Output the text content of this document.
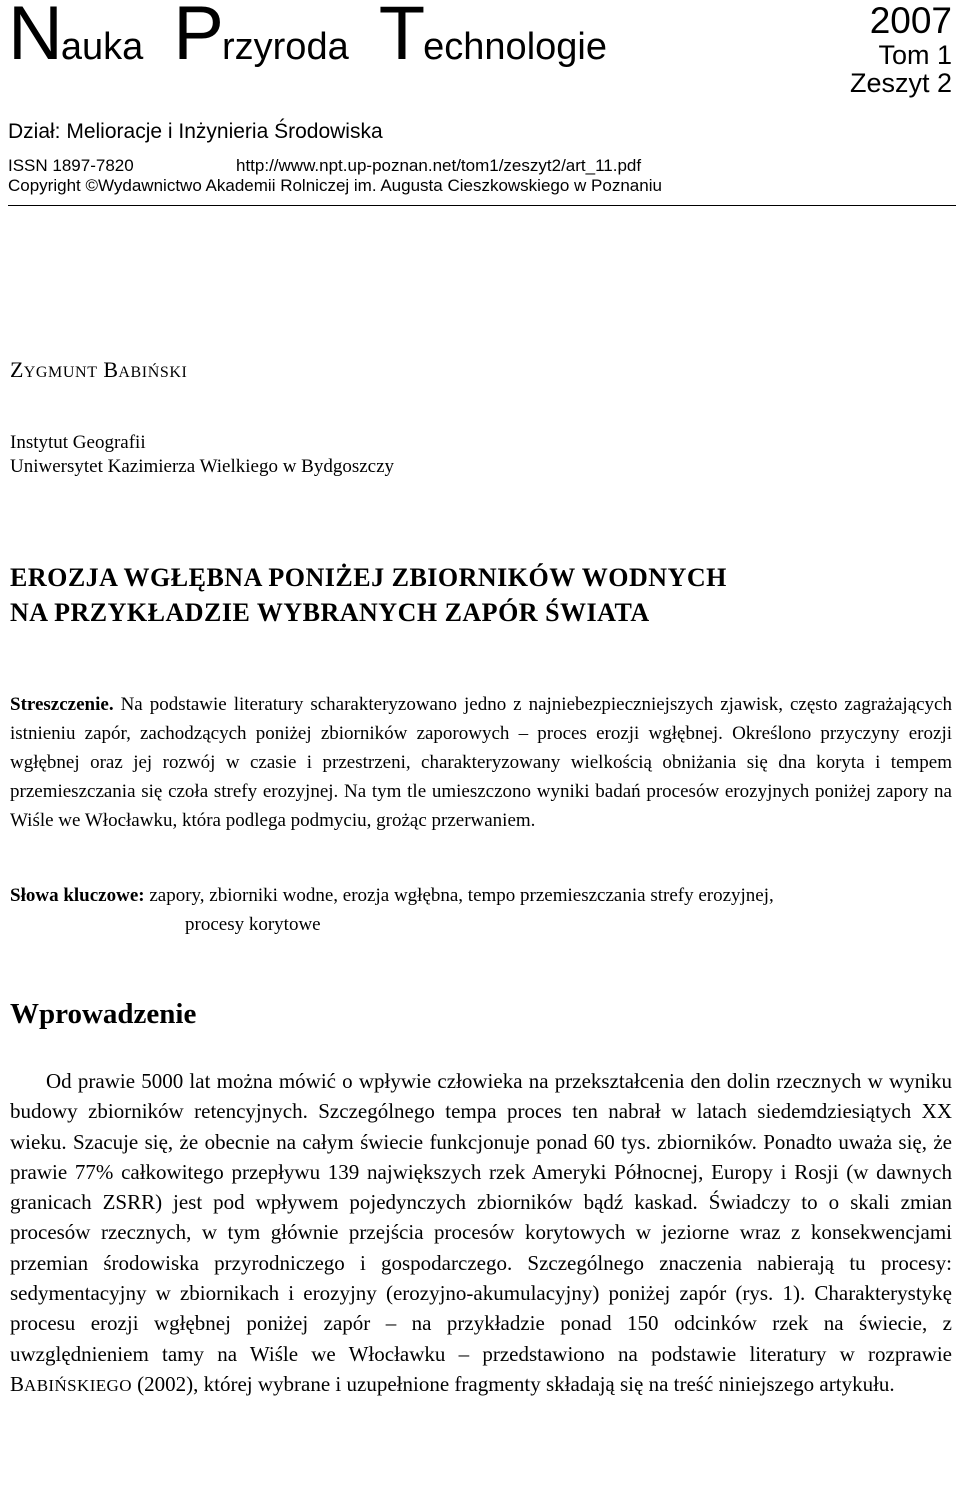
Nauka Przyroda Technologie
2007
Tom 1
Zeszyt 2
Dział: Melioracje i Inżynieria Środowiska
ISSN 1897-7820	http://www.npt.up-poznan.net/tom1/zeszyt2/art_11.pdf
Copyright ©Wydawnictwo Akademii Rolniczej im. Augusta Cieszkowskiego w Poznaniu
ZYGMUNT BABIŃSKI
Instytut Geografii
Uniwersytet Kazimierza Wielkiego w Bydgoszczy
EROZJA WGŁĘBNA PONIŻEJ ZBIORNIKÓW WODNYCH
NA PRZYKŁADZIE WYBRANYCH ZAPÓR ŚWIATA
Streszczenie. Na podstawie literatury scharakteryzowano jedno z najniebezpieczniejszych zjawisk, często zagrażających istnieniu zapór, zachodzących poniżej zbiorników zaporowych – proces erozji wgłębnej. Określono przyczyny erozji wgłębnej oraz jej rozwój w czasie i przestrzeni, charakteryzowany wielkością obniżania się dna koryta i tempem przemieszczania się czoła strefy erozyjnej. Na tym tle umieszczono wyniki badań procesów erozyjnych poniżej zapory na Wiśle we Włocławku, która podlega podmyciu, grożąc przerwaniem.
Słowa kluczowe: zapory, zbiorniki wodne, erozja wgłębna, tempo przemieszczania strefy erozyjnej,
procesy korytowe
Wprowadzenie
Od prawie 5000 lat można mówić o wpływie człowieka na przekształcenia den dolin rzecznych w wyniku budowy zbiorników retencyjnych. Szczególnego tempa proces ten nabrał w latach siedemdziesiątych XX wieku. Szacuje się, że obecnie na całym świecie funkcjonuje ponad 60 tys. zbiorników. Ponadto uważa się, że prawie 77% całkowitego przepływu 139 największych rzek Ameryki Północnej, Europy i Rosji (w dawnych granicach ZSRR) jest pod wpływem pojedynczych zbiorników bądź kaskad. Świadczy to o skali zmian procesów rzecznych, w tym głównie przejścia procesów korytowych w jeziorne wraz z konsekwencjami przemian środowiska przyrodniczego i gospodarczego. Szczególnego znaczenia nabierają tu procesy: sedymentacyjny w zbiornikach i erozyjny (erozyjno-akumulacyjny) poniżej zapór (rys. 1). Charakterystykę procesu erozji wgłębnej poniżej zapór – na przykładzie ponad 150 odcinków rzek na świecie, z uwzględnieniem tamy na Wiśle we Włocławku – przedstawiono na podstawie literatury w rozprawie BABIŃSKIEGO (2002), której wybrane i uzupełnione fragmenty składają się na treść niniejszego artykułu.
